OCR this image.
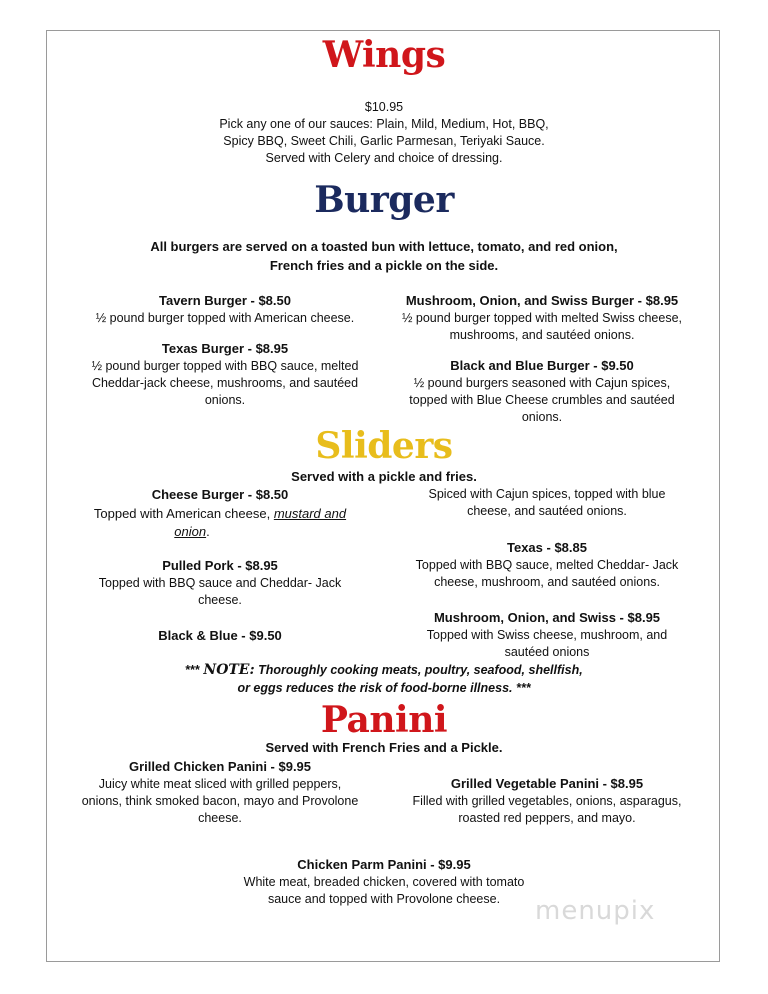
Wings
$10.95
Pick any one of our sauces: Plain, Mild, Medium, Hot, BBQ,
Spicy BBQ, Sweet Chili, Garlic Parmesan, Teriyaki Sauce.
Served with Celery and choice of dressing.
Burger
All burgers are served on a toasted bun with lettuce, tomato, and red onion,
French fries and a pickle on the side.
Tavern Burger - $8.50
½ pound burger topped with American cheese.
Texas Burger - $8.95
½ pound burger topped with BBQ sauce, melted
Cheddar-jack cheese, mushrooms, and sautéed
onions.
Mushroom, Onion, and Swiss Burger - $8.95
½ pound burger topped with melted Swiss cheese,
mushrooms, and sautéed onions.
Black and Blue Burger - $9.50
½ pound burgers seasoned with Cajun spices,
topped with Blue Cheese crumbles and sautéed
onions.
Sliders
Served with a pickle and fries.
Cheese Burger - $8.50
Topped with American cheese, mustard and
onion.
Pulled Pork - $8.95
Topped with BBQ sauce and Cheddar- Jack
cheese.
Black & Blue - $9.50
Spiced with Cajun spices, topped with blue
cheese, and sautéed onions.
Texas - $8.85
Topped with BBQ sauce, melted Cheddar- Jack
cheese, mushroom, and sautéed onions.
Mushroom, Onion, and Swiss - $8.95
Topped with Swiss cheese, mushroom, and
sautéed onions
*** NOTE: Thoroughly cooking meats, poultry, seafood, shellfish,
or eggs reduces the risk of food-borne illness. ***
Panini
Served with French Fries and a Pickle.
Grilled Chicken Panini - $9.95
Juicy white meat sliced with grilled peppers,
onions, think smoked bacon, mayo and Provolone
cheese.
Grilled Vegetable Panini - $8.95
Filled with grilled vegetables, onions, asparagus,
roasted red peppers, and mayo.
Chicken Parm Panini - $9.95
White meat, breaded chicken, covered with tomato
sauce and topped with Provolone cheese.	menupix
